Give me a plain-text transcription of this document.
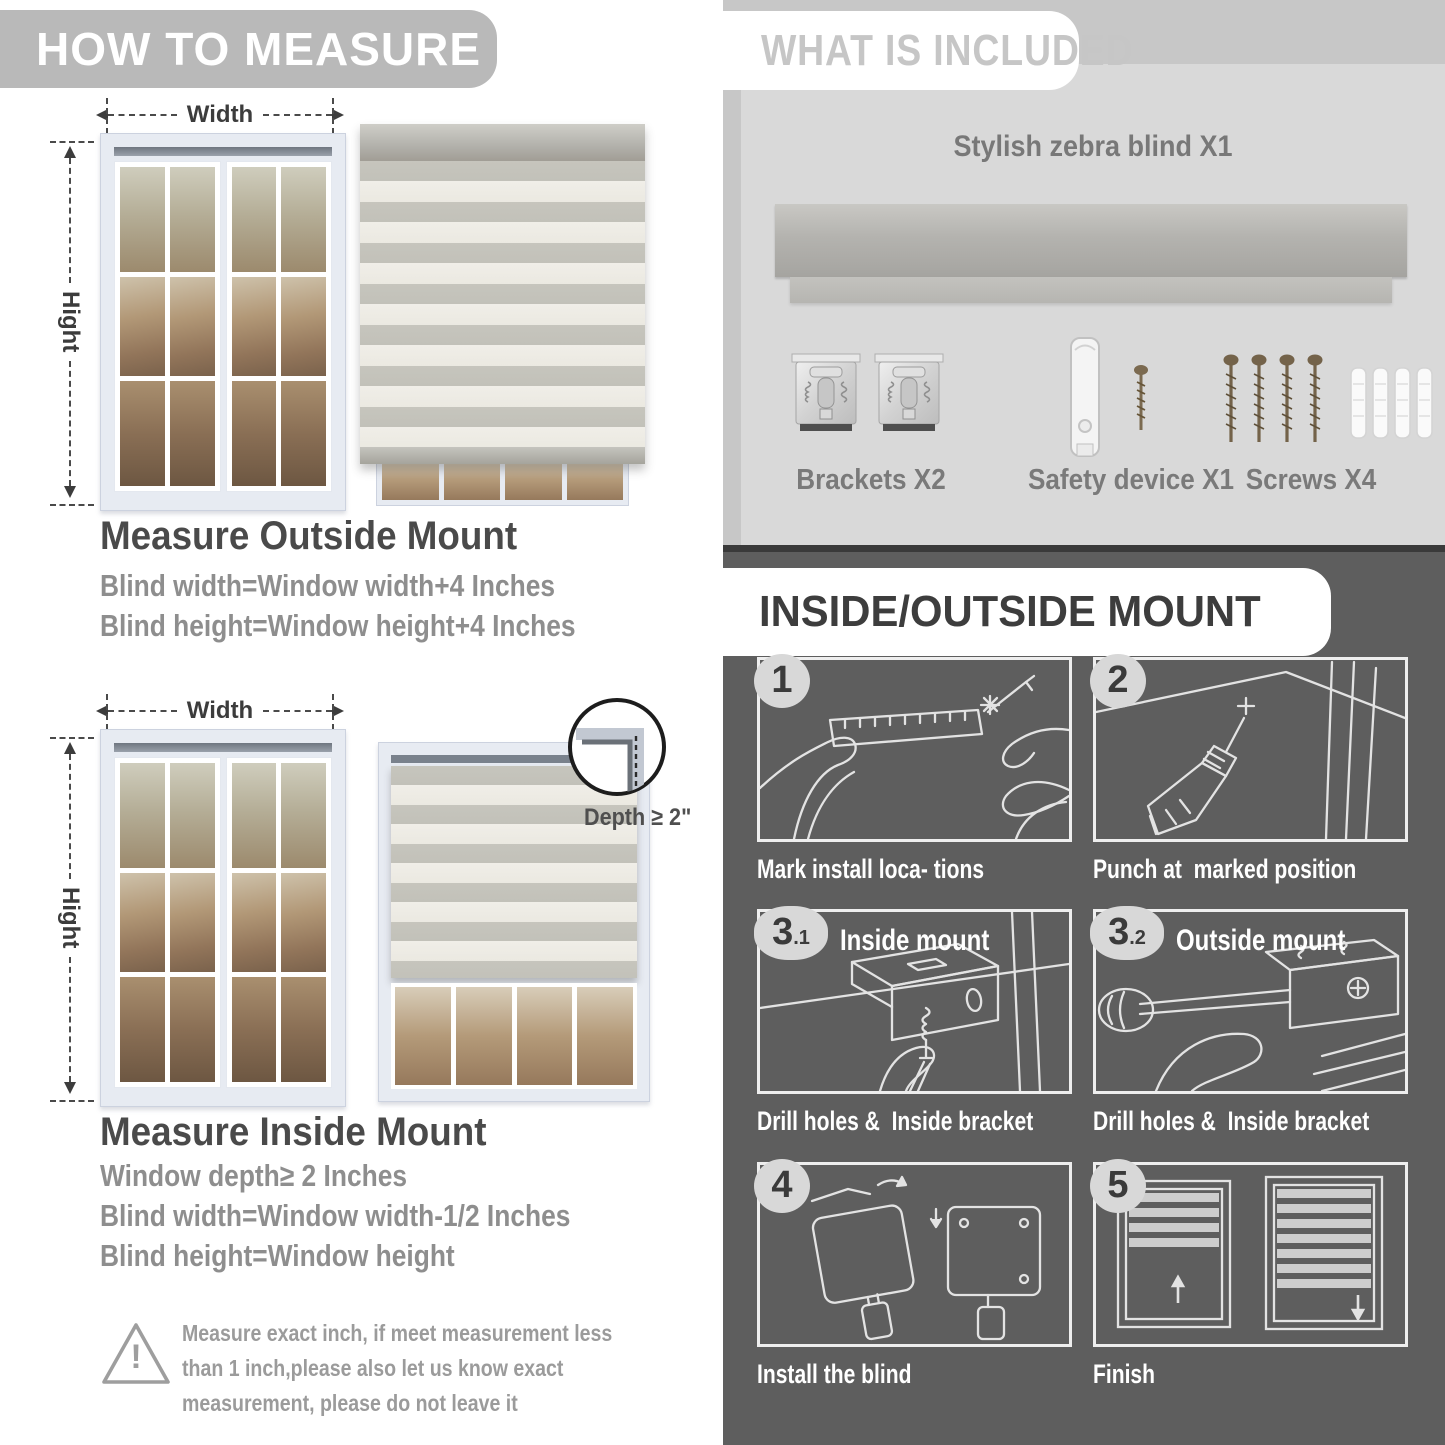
HOW TO MEASURE
Width
Hight
Measure Outside Mount
Blind width=Window width+4 Inches
Blind height=Window height+4 Inches
Width
Hight
Depth ≥ 2"
Measure Inside Mount
Window depth≥ 2 Inches
Blind width=Window width-1/2 Inches
Blind height=Window height
!
Measure exact inch, if meet measurement less than 1 inch,please also let us know exact measurement, please do not leave it
Stylish zebra blind X1
Brackets X2	Safety device X1 Screws X4
WHAT IS INCLUDED
INSIDE/OUTSIDE MOUNT
1
Mark install loca- tions
2
Punch at  marked position
3 .1 Inside mount
Drill holes &  Inside bracket
3 .2 Outside mount
Drill holes &  Inside bracket
4
Install the blind
5
Finish
